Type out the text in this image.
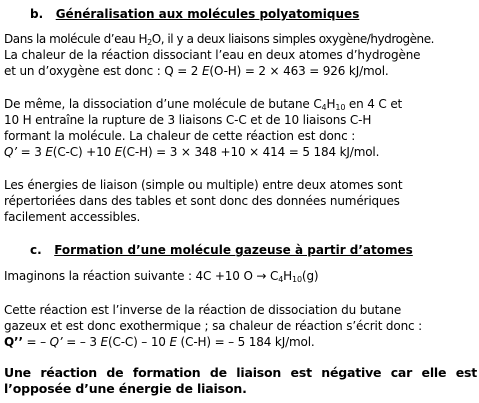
b. Généralisation aux molécules polyatomiques
Dans la molécule d’eau $H_2O$, il y a deux liaisons simples oxygène/hydrogène.
La chaleur de la réaction dissociant l’eau en deux atomes d’hydrogène
et un d’oxygène est donc : Q = 2 E(O-H) = 2 × 463 = 926 kJ/mol.
De même, la dissociation d’une molécule de butane $C_4H_{10}$ en 4 C et
10 H entraîne la rupture de 3 liaisons C-C et de 10 liaisons C-H
formant la molécule. La chaleur de cette réaction est donc :
Q’ = 3 E(C-C) +10 E(C-H) = 3 × 348 +10 × 414 = 5 184 kJ/mol.
Les énergies de liaison (simple ou multiple) entre deux atomes sont
répertoriées dans des tables et sont donc des données numériques
facilement accessibles.
c. Formation d’une molécule gazeuse à partir d’atomes
Imaginons la réaction suivante : 4C +10 $O \to C_4H_{10}(g)$
Cette réaction est l’inverse de la réaction de dissociation du butane
gazeux et est donc exothermique ; sa chaleur de réaction s’écrit donc :
Q’’ = – Q’ = – 3 E(C-C) – 10 E (C-H) = – 5 184 kJ/mol.
Une réaction de formation de liaison est négative car elle est
l’opposée d’une énergie de liaison.
